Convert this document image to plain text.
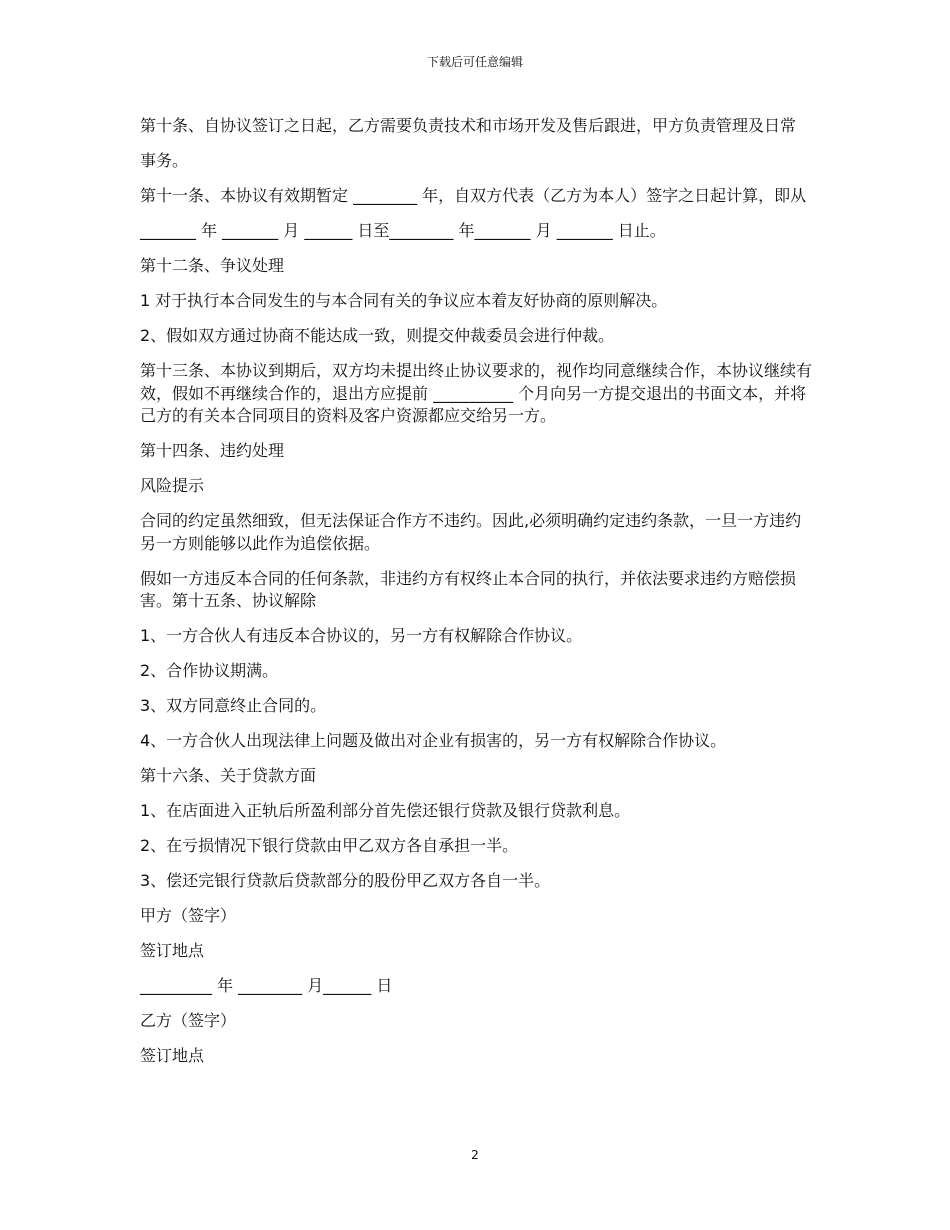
下载后可任意编辑

第十条、自协议签订之日起，乙方需要负责技术和市场开发及售后跟进，甲方负责管理及日常

事务。

第十一条、本协议有效期暂定 ________ 年，自双方代表（乙方为本人）签字之日起计算，即从

_______ 年 _______ 月 ______ 日至________ 年_______ 月 _______ 日止。

第十二条、争议处理

1 对于执行本合同发生的与本合同有关的争议应本着友好协商的原则解决。

2、假如双方通过协商不能达成一致，则提交仲裁委员会进行仲裁。

第十三条、本协议到期后，双方均未提出终止协议要求的，视作均同意继续合作，本协议继续有效，假如不再继续合作的，退出方应提前 __________ 个月向另一方提交退出的书面文本，并将己方的有关本合同项目的资料及客户资源都应交给另一方。

第十四条、违约处理

风险提示

合同的约定虽然细致，但无法保证合作方不违约。因此,必须明确约定违约条款，一旦一方违约另一方则能够以此作为追偿依据。

假如一方违反本合同的任何条款，非违约方有权终止本合同的执行，并依法要求违约方赔偿损害。第十五条、协议解除

1、一方合伙人有违反本合协议的，另一方有权解除合作协议。

2、合作协议期满。

3、双方同意终止合同的。

4、一方合伙人出现法律上问题及做出对企业有损害的，另一方有权解除合作协议。

第十六条、关于贷款方面

1、在店面进入正轨后所盈利部分首先偿还银行贷款及银行贷款利息。

2、在亏损情况下银行贷款由甲乙双方各自承担一半。

3、偿还完银行贷款后贷款部分的股份甲乙双方各自一半。

甲方（签字）

签订地点

_________ 年 ________ 月______ 日

乙方（签字）

签订地点

2
